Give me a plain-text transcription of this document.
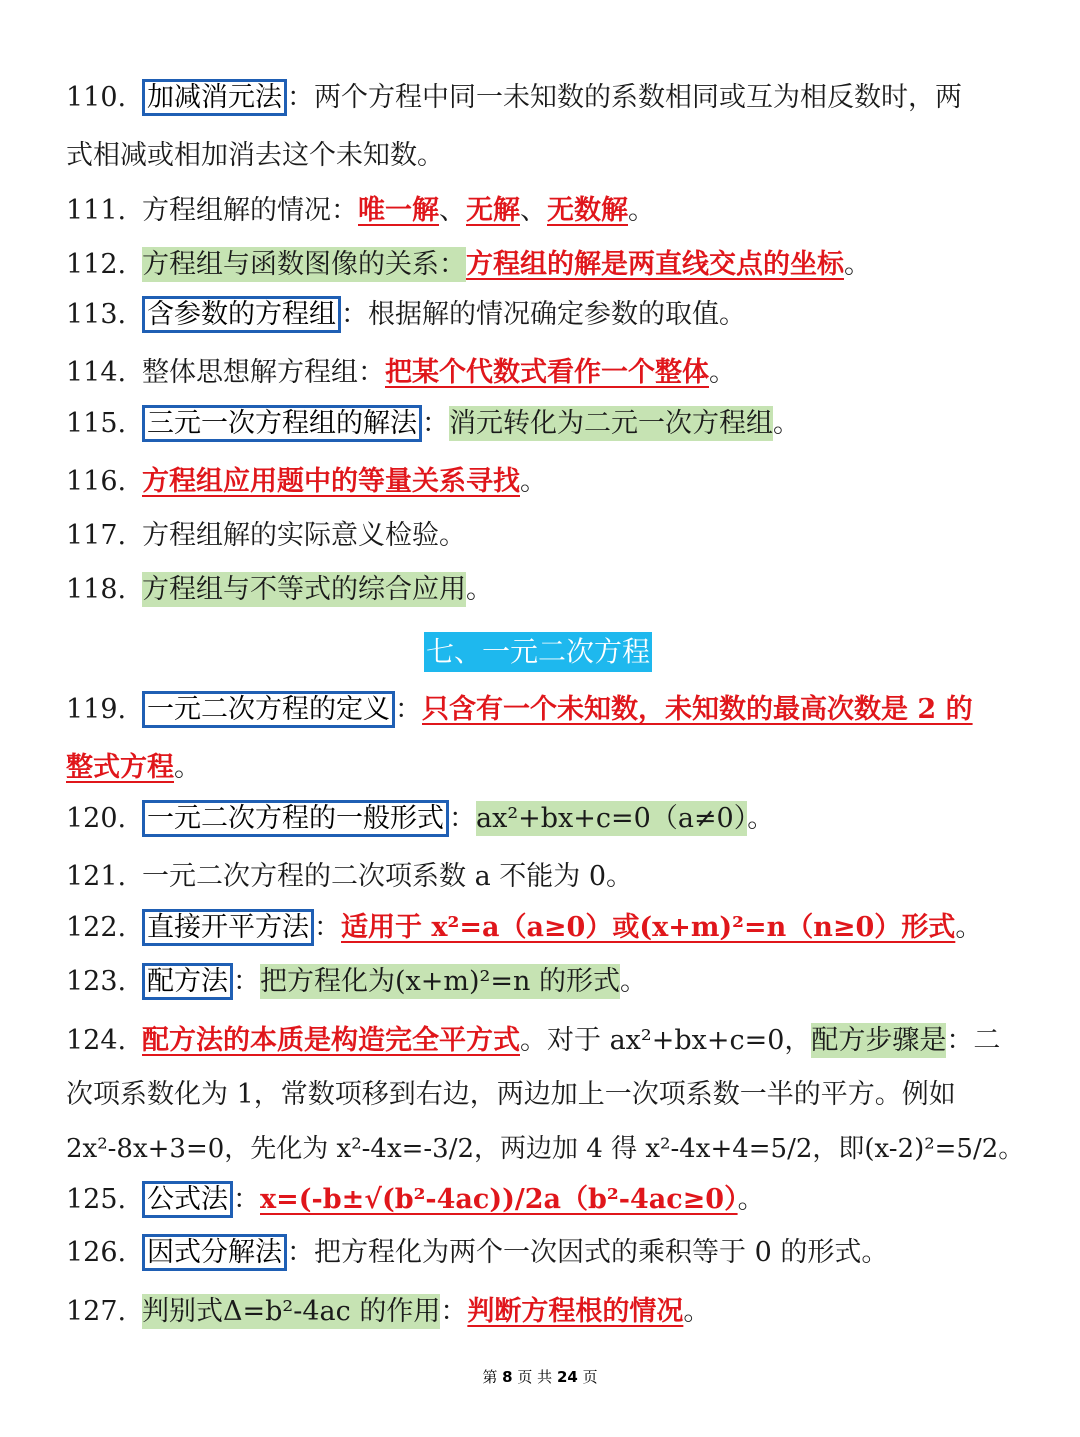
110. 加减消元法 ：两个方程中同一未知数的系数相同或互为相反数时，两
式相减或相加消去这个未知数。
111. 方程组解的情况：唯一解、无解、无数解。
112. 方程组与函数图像的关系：方程组的解是两直线交点的坐标。
113. 含参数的方程组 ：根据解的情况确定参数的取值。
114. 整体思想解方程组：把某个代数式看作一个整体。
115. 三元一次方程组的解法 ：消元转化为二元一次方程组。
116. 方程组应用题中的等量关系寻找。
117. 方程组解的实际意义检验。
118. 方程组与不等式的综合应用。
七、一元二次方程
119. 一元二次方程的定义 ：只含有一个未知数，未知数的最高次数是 2 的
整式方程。
120. 一元二次方程的一般形式 ：ax²+bx+c=0（a≠0）。
121. 一元二次方程的二次项系数 a 不能为 0。
122. 直接开平方法 ：适用于 x²=a（a≥0）或(x+m)²=n（n≥0）形式。
123. 配方法 ：把方程化为(x+m)²=n 的形式。
124. 配方法的本质是构造完全平方式。对于 ax²+bx+c=0，配方步骤是：二
次项系数化为 1，常数项移到右边，两边加上一次项系数一半的平方。例如
2x²-8x+3=0，先化为 x²-4x=-3/2，两边加 4 得 x²-4x+4=5/2，即(x-2)²=5/2。
125. 公式法 ：x=(-b±√(b²-4ac))/2a（b²-4ac≥0）。
126. 因式分解法 ：把方程化为两个一次因式的乘积等于 0 的形式。
127. 判别式Δ=b²-4ac 的作用：判断方程根的情况。
第 8 页 共 24 页
